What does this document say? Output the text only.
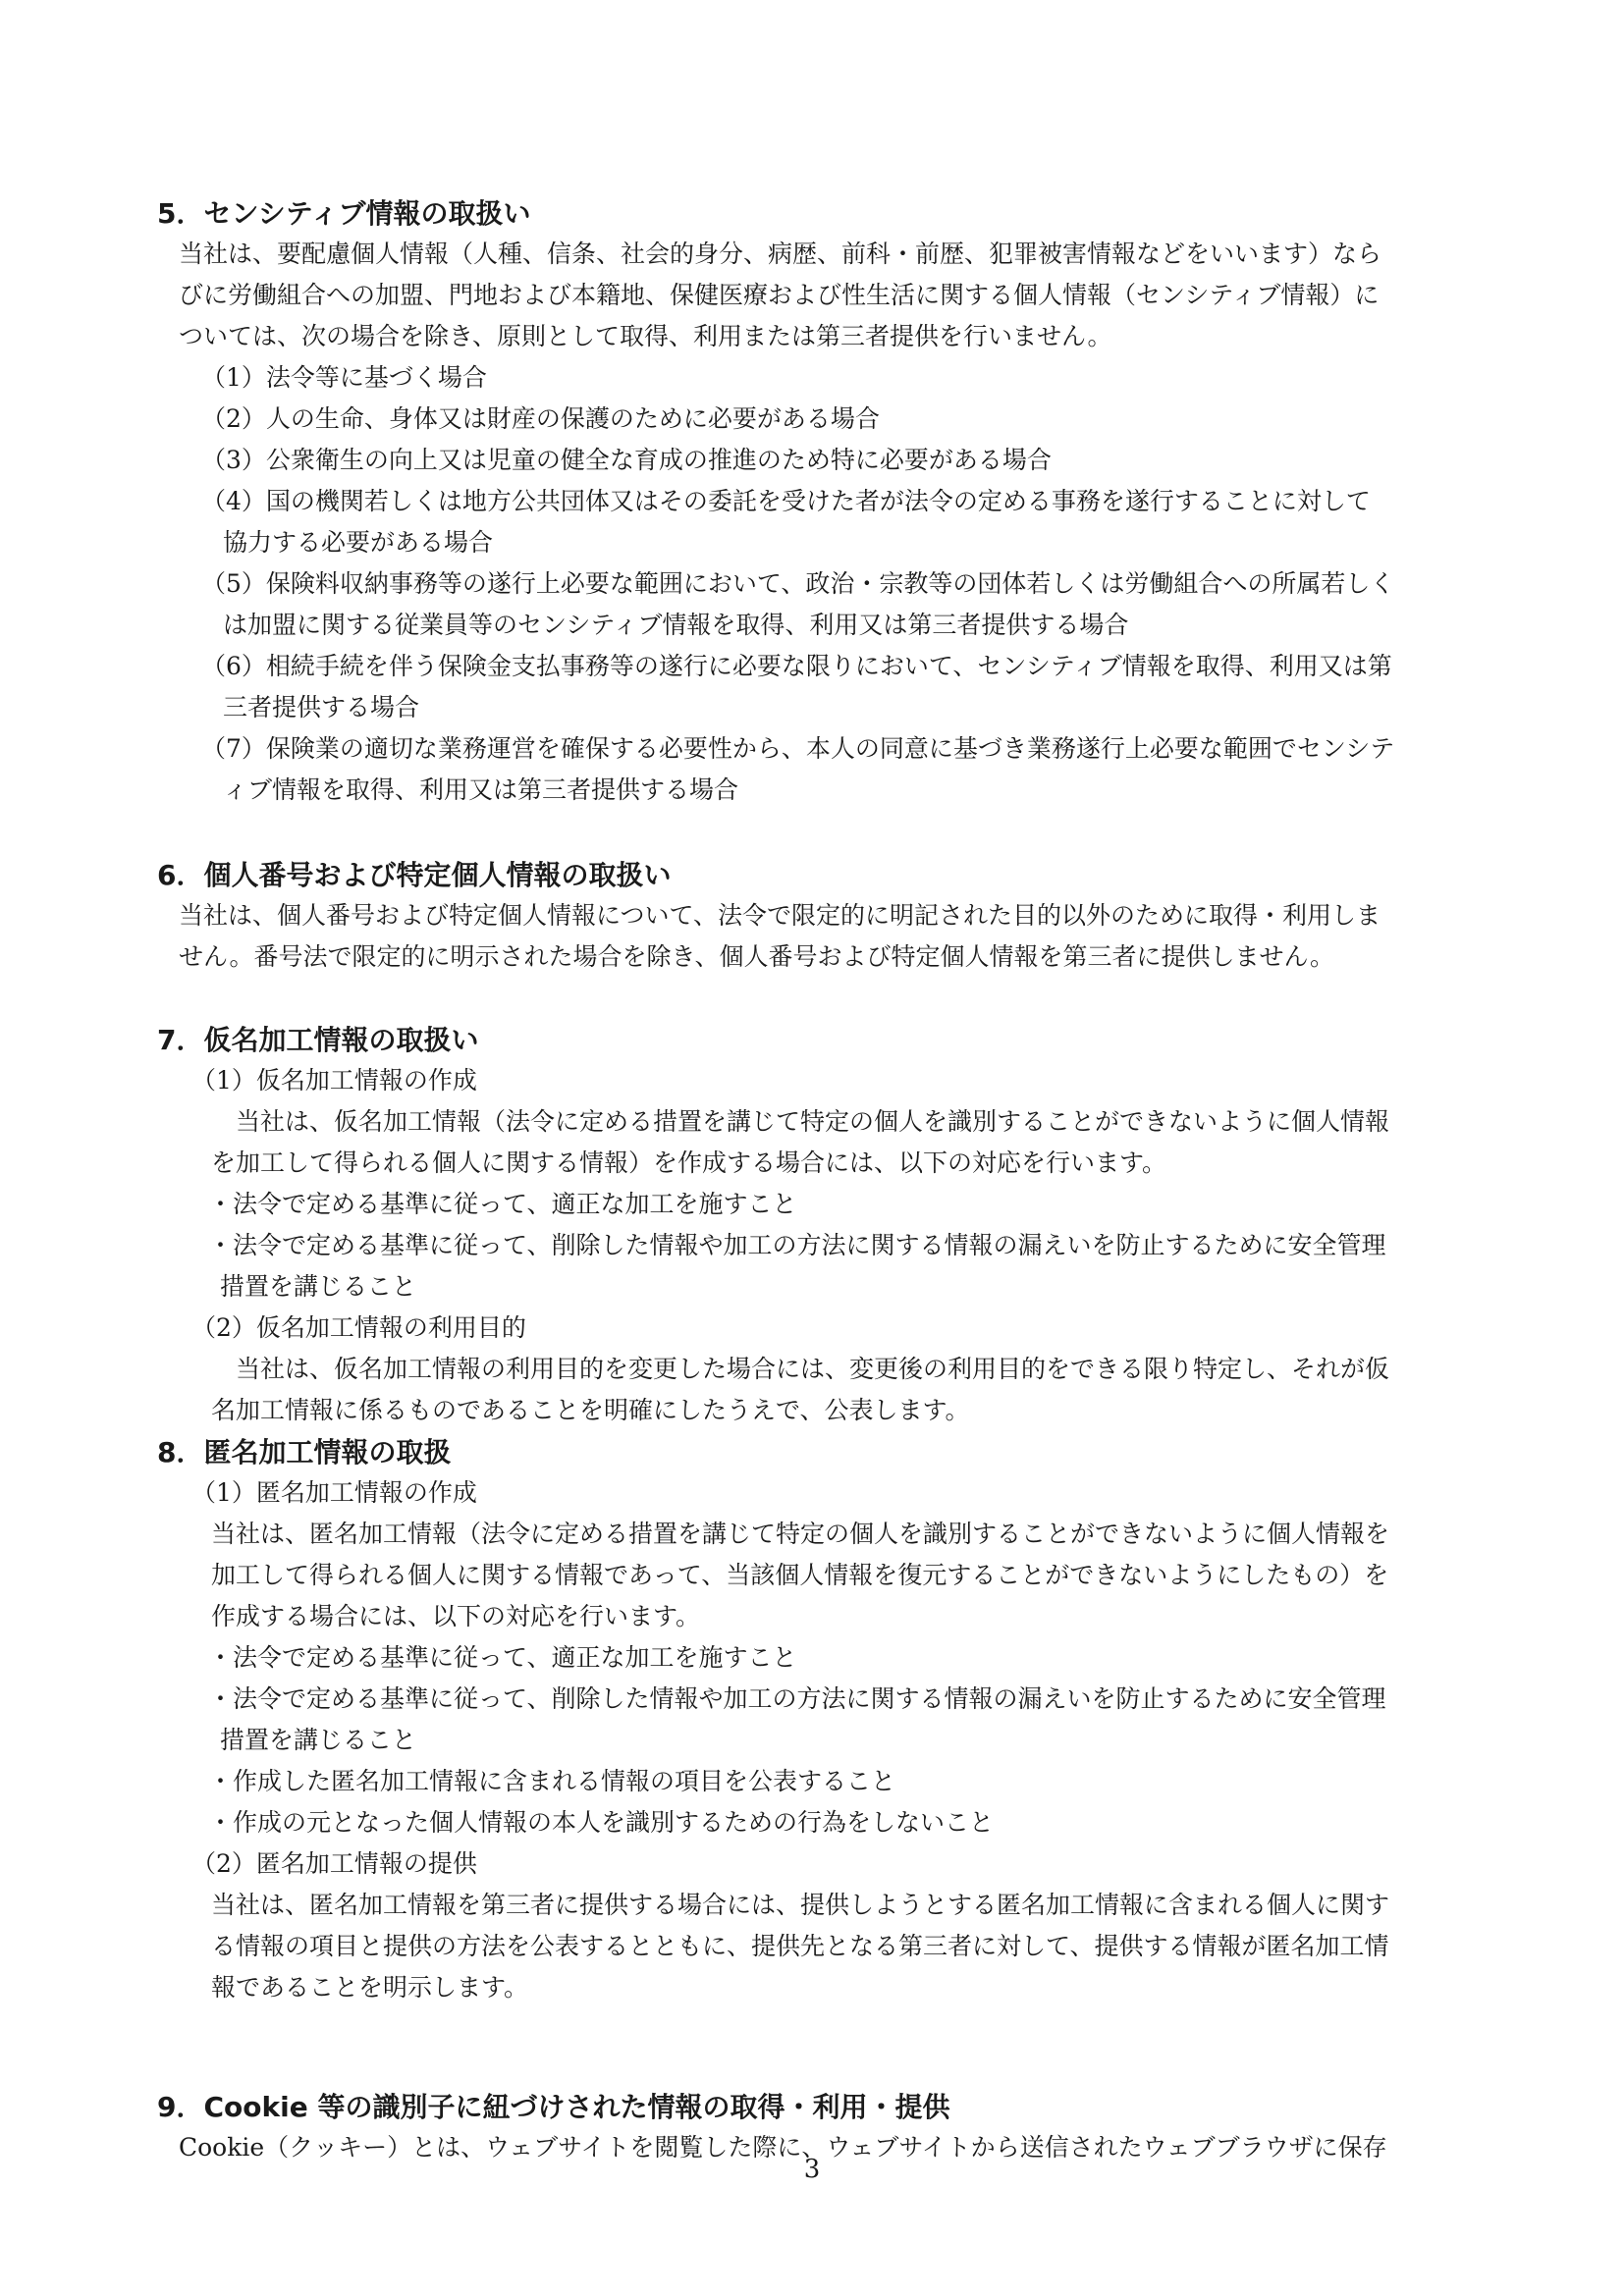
5．センシティブ情報の取扱い

当社は、要配慮個人情報（人種、信条、社会的身分、病歴、前科・前歴、犯罪被害情報などをいいます）なら

びに労働組合への加盟、門地および本籍地、保健医療および性生活に関する個人情報（センシティブ情報）に

ついては、次の場合を除き、原則として取得、利用または第三者提供を行いません。

（1）法令等に基づく場合

（2）人の生命、身体又は財産の保護のために必要がある場合

（3）公衆衛生の向上又は児童の健全な育成の推進のため特に必要がある場合

（4）国の機関若しくは地方公共団体又はその委託を受けた者が法令の定める事務を遂行することに対して

協力する必要がある場合

（5）保険料収納事務等の遂行上必要な範囲において、政治・宗教等の団体若しくは労働組合への所属若しく

は加盟に関する従業員等のセンシティブ情報を取得、利用又は第三者提供する場合

（6）相続手続を伴う保険金支払事務等の遂行に必要な限りにおいて、センシティブ情報を取得、利用又は第

三者提供する場合

（7）保険業の適切な業務運営を確保する必要性から、本人の同意に基づき業務遂行上必要な範囲でセンシテ

ィブ情報を取得、利用又は第三者提供する場合

6．個人番号および特定個人情報の取扱い

当社は、個人番号および特定個人情報について、法令で限定的に明記された目的以外のために取得・利用しま

せん。番号法で限定的に明示された場合を除き、個人番号および特定個人情報を第三者に提供しません。

7．仮名加工情報の取扱い

（1）仮名加工情報の作成

当社は、仮名加工情報（法令に定める措置を講じて特定の個人を識別することができないように個人情報

を加工して得られる個人に関する情報）を作成する場合には、以下の対応を行います。

・法令で定める基準に従って、適正な加工を施すこと

・法令で定める基準に従って、削除した情報や加工の方法に関する情報の漏えいを防止するために安全管理

措置を講じること

（2）仮名加工情報の利用目的

当社は、仮名加工情報の利用目的を変更した場合には、変更後の利用目的をできる限り特定し、それが仮

名加工情報に係るものであることを明確にしたうえで、公表します。

8．匿名加工情報の取扱

（1）匿名加工情報の作成

当社は、匿名加工情報（法令に定める措置を講じて特定の個人を識別することができないように個人情報を

加工して得られる個人に関する情報であって、当該個人情報を復元することができないようにしたもの）を

作成する場合には、以下の対応を行います。

・法令で定める基準に従って、適正な加工を施すこと

・法令で定める基準に従って、削除した情報や加工の方法に関する情報の漏えいを防止するために安全管理

措置を講じること

・作成した匿名加工情報に含まれる情報の項目を公表すること

・作成の元となった個人情報の本人を識別するための行為をしないこと

（2）匿名加工情報の提供

当社は、匿名加工情報を第三者に提供する場合には、提供しようとする匿名加工情報に含まれる個人に関す

る情報の項目と提供の方法を公表するとともに、提供先となる第三者に対して、提供する情報が匿名加工情

報であることを明示します。

9．Cookie 等の識別子に紐づけされた情報の取得・利用・提供

Cookie（クッキー）とは、ウェブサイトを閲覧した際に、ウェブサイトから送信されたウェブブラウザに保存

3
